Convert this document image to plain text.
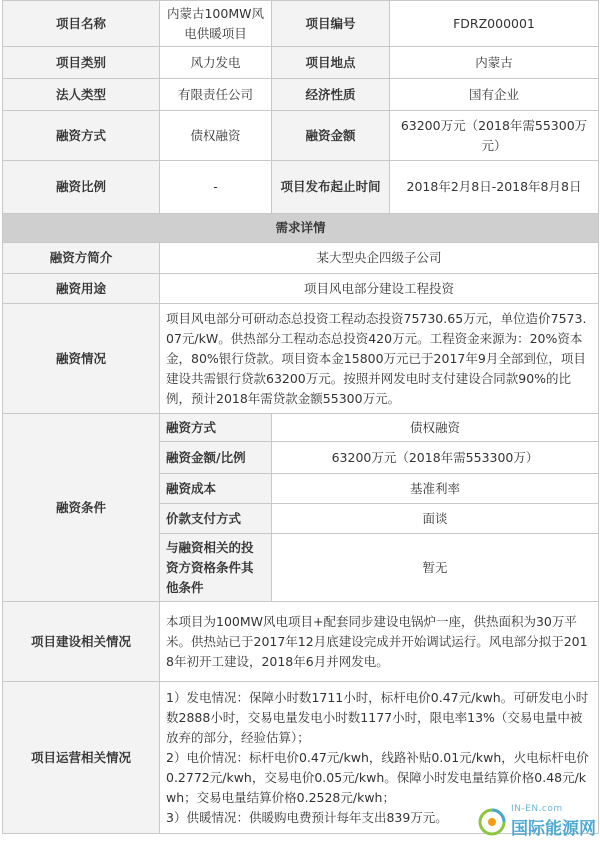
项目名称	内蒙古100MW风电供暖项目	项目编号	FDRZ000001
项目类别	风力发电	项目地点	内蒙古
法人类型	有限责任公司	经济性质	国有企业
融资方式	债权融资	融资金额	63200万元（2018年需55300万元）
融资比例	-	项目发布起止时间	2018年2月8日-2018年8月8日
需求详情			
融资方简介	某大型央企四级子公司		
融资用途	项目风电部分建设工程投资		
融资情况	项目风电部分可研动态总投资工程动态投资75730.65万元，单位造价7573.07元/kW。供热部分工程动态总投资420万元。工程资金来源为：20%资本金，80%银行贷款。项目资本金15800万元已于2017年9月全部到位，项目建设共需银行贷款63200万元。按照并网发电时支付建设合同款90%的比例，预计2018年需贷款金额55300万元。		
融资条件	融资方式	债权融资	
	融资金额/比例	63200万元（2018年需553300万）	
	融资成本	基准利率	
	价款支付方式	面谈	
	与融资相关的投资方资格条件其他条件	暂无	
项目建设相关情况	本项目为100MW风电项目+配套同步建设电锅炉一座，供热面积为30万平米。供热站已于2017年12月底建设完成并开始调试运行。风电部分拟于2018年初开工建设，2018年6月并网发电。		
项目运营相关情况	1）发电情况：保障小时数1711小时，标杆电价0.47元/kwh。可研发电小时数2888小时，交易电量发电小时数1177小时，限电率13%（交易电量中被放弃的部分，经验估算）；
2）电价情况：标杆电价0.47元/kwh，线路补贴0.01元/kwh，火电标杆电价0.2772元/kwh，交易电价0.05元/kwh。保障小时发电量结算价格0.48元/kwh；交易电量结算价格0.2528元/kwh；
3）供暖情况：供暖购电费预计每年支出839万元。		
IN-EN.com
国际能源网
